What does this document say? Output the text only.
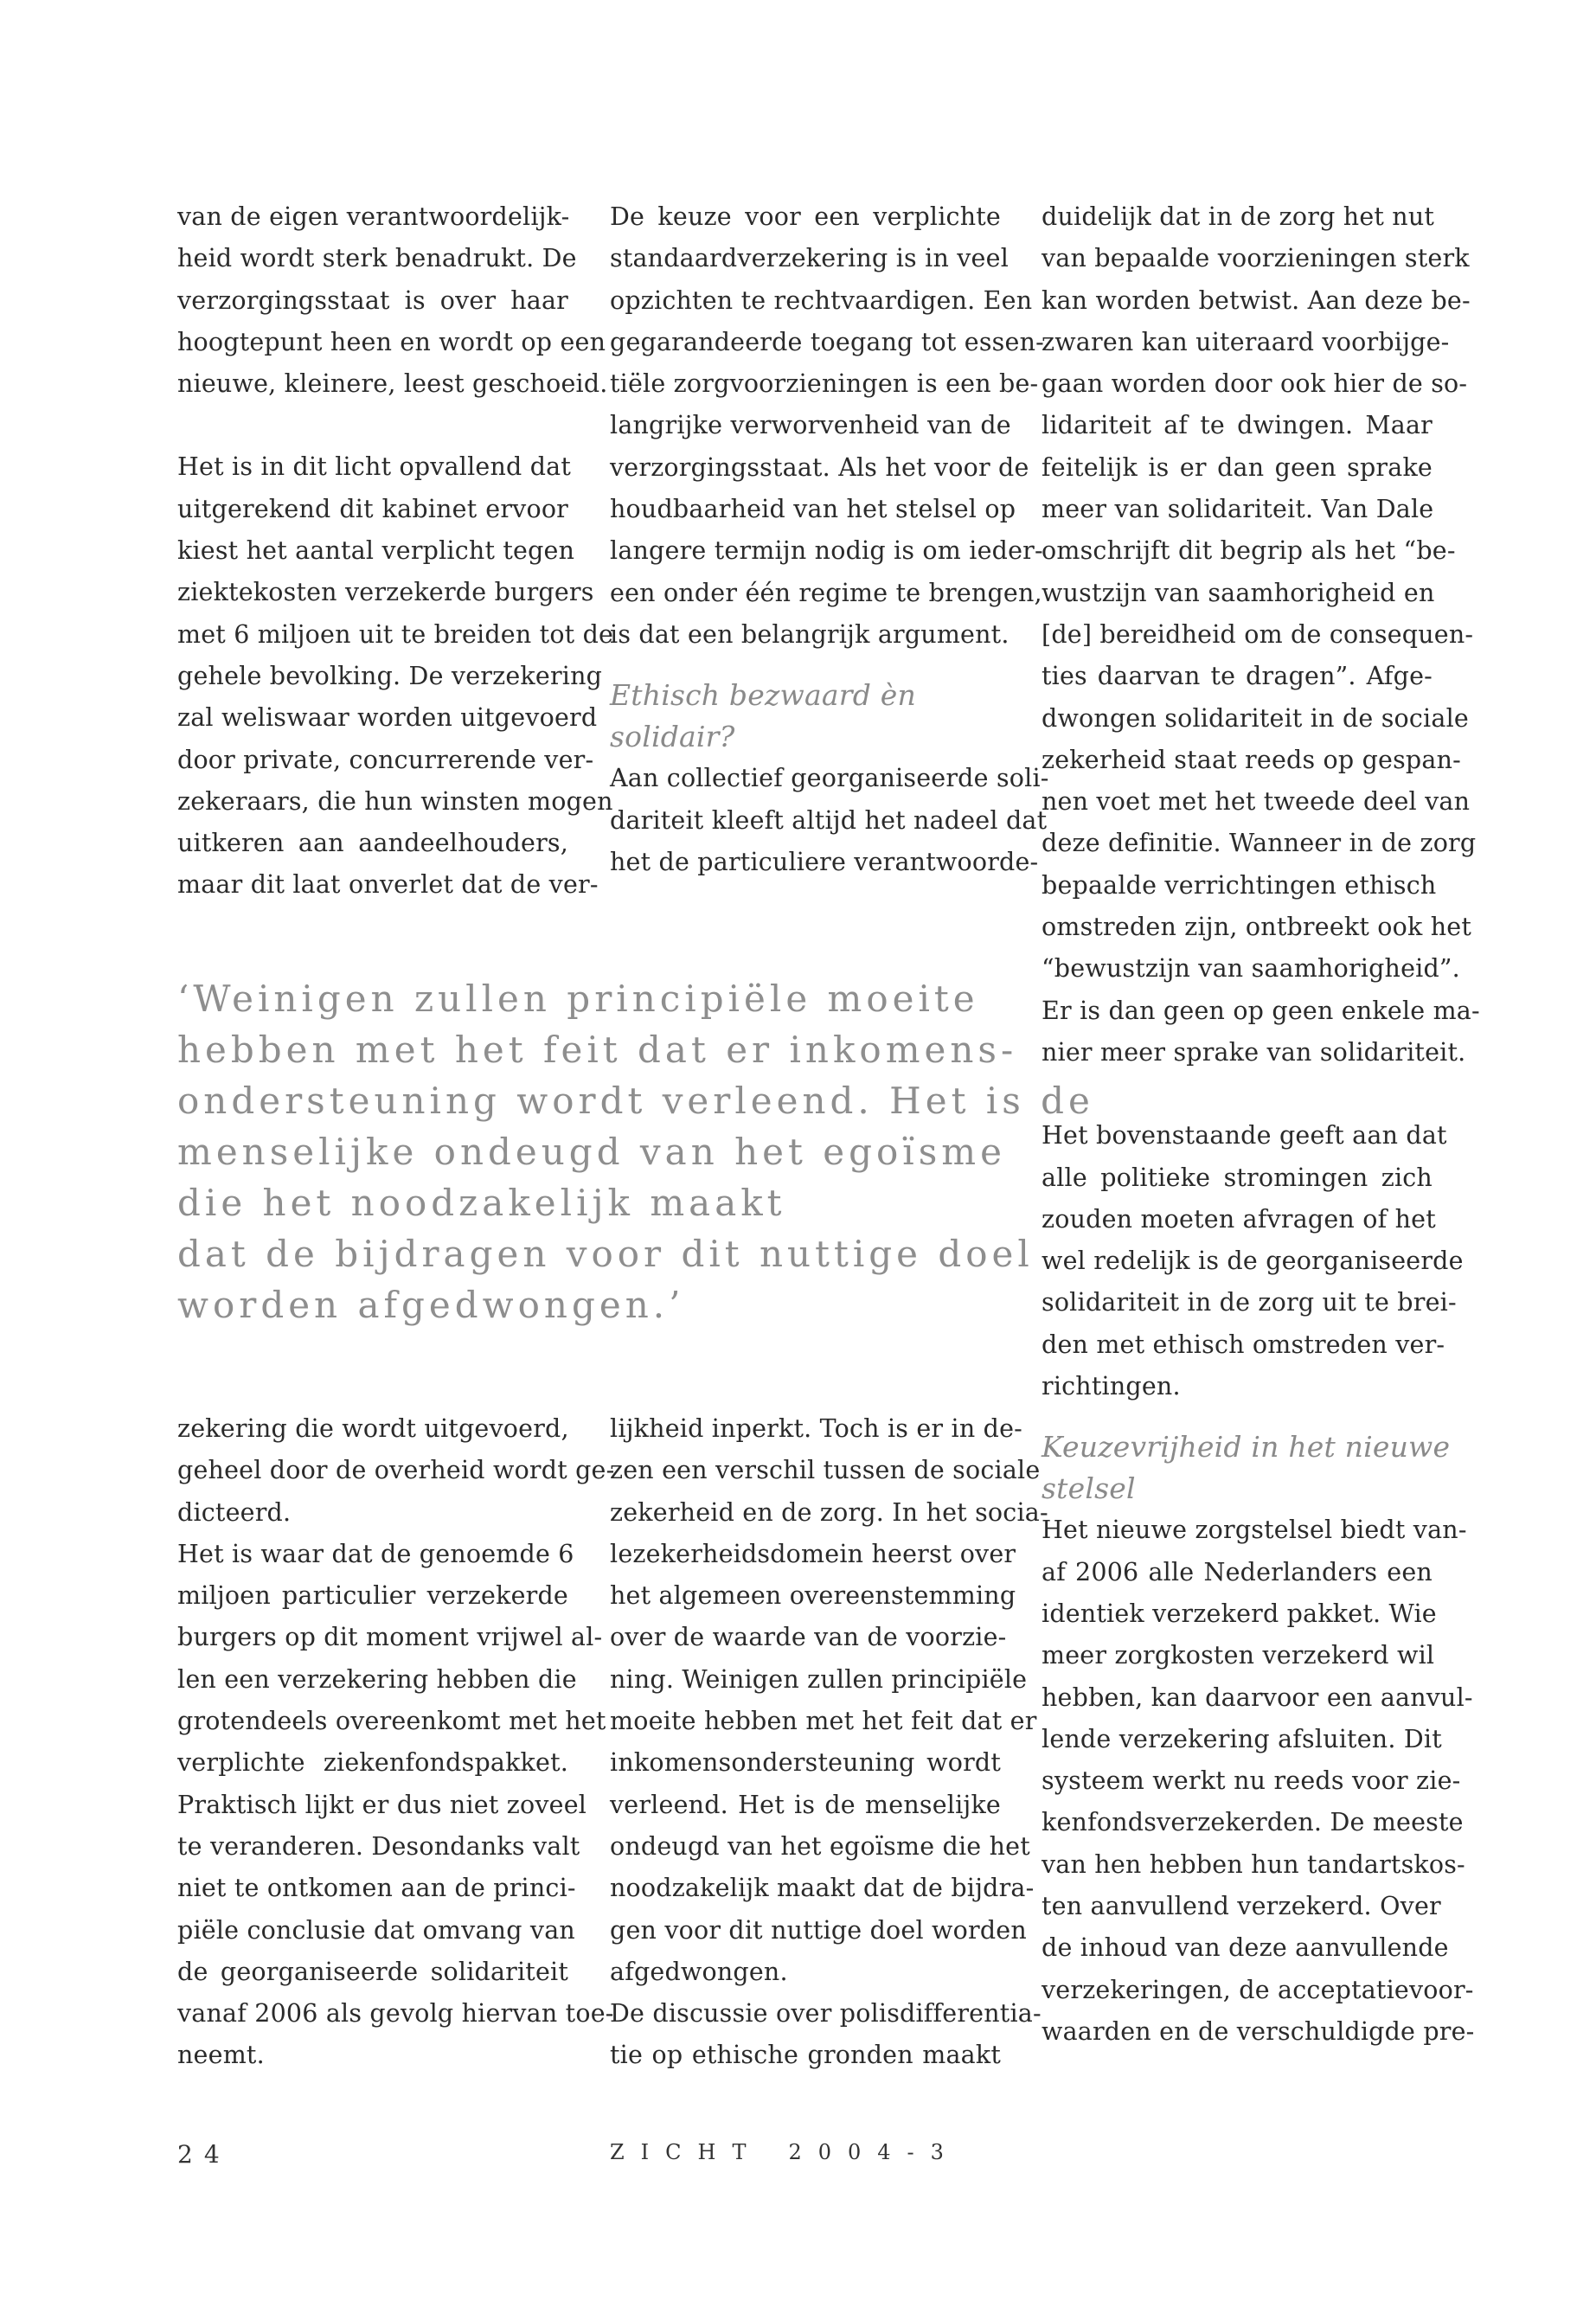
van de eigen verantwoordelijk-
heid wordt sterk benadrukt. De
verzorgingsstaat is over haar
hoogtepunt heen en wordt op een
nieuwe, kleinere, leest geschoeid.

Het is in dit licht opvallend dat
uitgerekend dit kabinet ervoor
kiest het aantal verplicht tegen
ziektekosten verzekerde burgers
met 6 miljoen uit te breiden tot de
gehele bevolking. De verzekering
zal weliswaar worden uitgevoerd
door private, concurrerende ver-
zekeraars, die hun winsten mogen
uitkeren aan aandeelhouders,
maar dit laat onverlet dat de ver-

De keuze voor een verplichte
standaardverzekering is in veel
opzichten te rechtvaardigen. Een
gegarandeerde toegang tot essen-
tiële zorgvoorzieningen is een be-
langrijke verworvenheid van de
verzorgingsstaat. Als het voor de
houdbaarheid van het stelsel op
langere termijn nodig is om ieder-
een onder één regime te brengen,
is dat een belangrijk argument.

Ethisch bezwaard èn
solidair?

Aan collectief georganiseerde soli-
dariteit kleeft altijd het nadeel dat
het de particuliere verantwoorde-

‘Weinigen zullen principiële moeite
hebben met het feit dat er inkomens-
ondersteuning wordt verleend. Het is de
menselijke ondeugd van het egoïsme
die het noodzakelijk maakt
dat de bijdragen voor dit nuttige doel
worden afgedwongen.’

duidelijk dat in de zorg het nut
van bepaalde voorzieningen sterk
kan worden betwist. Aan deze be-
zwaren kan uiteraard voorbijge-
gaan worden door ook hier de so-
lidariteit af te dwingen. Maar
feitelijk is er dan geen sprake
meer van solidariteit. Van Dale
omschrijft dit begrip als het “be-
wustzijn van saamhorigheid en
[de] bereidheid om de consequen-
ties daarvan te dragen”. Afge-
dwongen solidariteit in de sociale
zekerheid staat reeds op gespan-
nen voet met het tweede deel van
deze definitie. Wanneer in de zorg
bepaalde verrichtingen ethisch
omstreden zijn, ontbreekt ook het
“bewustzijn van saamhorigheid”.
Er is dan geen op geen enkele ma-
nier meer sprake van solidariteit.

Het bovenstaande geeft aan dat
alle politieke stromingen zich
zouden moeten afvragen of het
wel redelijk is de georganiseerde
solidariteit in de zorg uit te brei-
den met ethisch omstreden ver-
richtingen.

Keuzevrijheid in het nieuwe
stelsel

Het nieuwe zorgstelsel biedt van-
af 2006 alle Nederlanders een
identiek verzekerd pakket. Wie
meer zorgkosten verzekerd wil
hebben, kan daarvoor een aanvul-
lende verzekering afsluiten. Dit
systeem werkt nu reeds voor zie-
kenfondsverzekerden. De meeste
van hen hebben hun tandartskos-
ten aanvullend verzekerd. Over
de inhoud van deze aanvullende
verzekeringen, de acceptatievoor-
waarden en de verschuldigde pre-

zekering die wordt uitgevoerd,
geheel door de overheid wordt ge-
dicteerd.

Het is waar dat de genoemde 6
miljoen particulier verzekerde
burgers op dit moment vrijwel al-
len een verzekering hebben die
grotendeels overeenkomt met het
verplichte ziekenfondspakket.
Praktisch lijkt er dus niet zoveel
te veranderen. Desondanks valt
niet te ontkomen aan de princi-
piële conclusie dat omvang van
de georganiseerde solidariteit
vanaf 2006 als gevolg hiervan toe-
neemt.

lijkheid inperkt. Toch is er in de-
zen een verschil tussen de sociale
zekerheid en de zorg. In het socia-
lezekerheidsdomein heerst over
het algemeen overeenstemming
over de waarde van de voorzie-
ning. Weinigen zullen principiële
moeite hebben met het feit dat er
inkomensondersteuning wordt
verleend. Het is de menselijke
ondeugd van het egoïsme die het
noodzakelijk maakt dat de bijdra-
gen voor dit nuttige doel worden
afgedwongen.

De discussie over polisdifferentia-
tie op ethische gronden maakt

24	ZICHT 2004-3
